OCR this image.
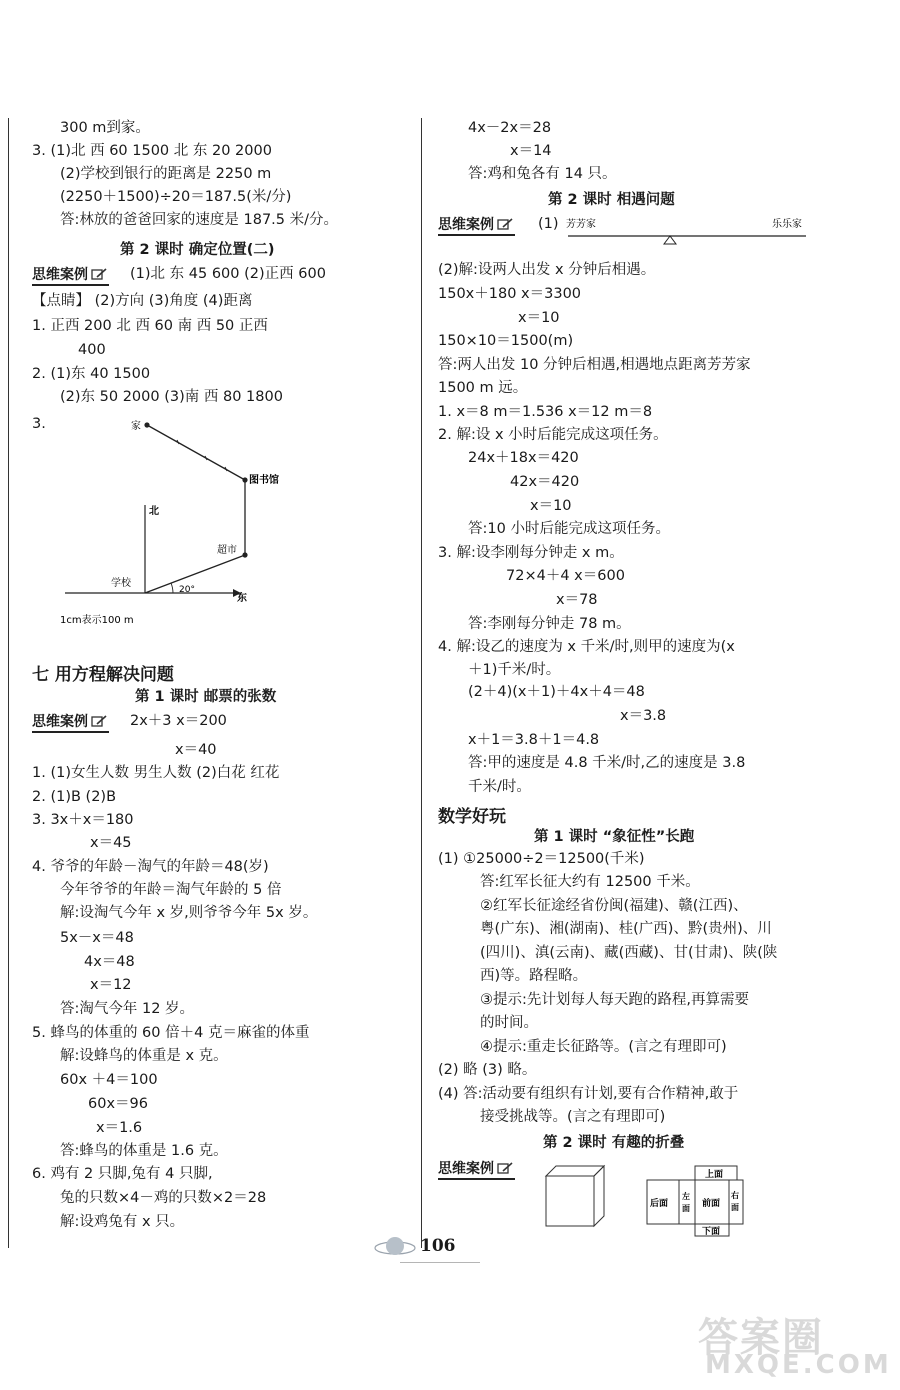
300 m到家。
3. (1)北 西 60 1500 北 东 20 2000
(2)学校到银行的距离是 2250 m
(2250＋1500)÷20＝187.5(米/分)
答:林放的爸爸回家的速度是 187.5 米/分。
第 2 课时 确定位置(二)
思维案例	(1)北 东 45 600 (2)正西 600
【点睛】 (2)方向 (3)角度 (4)距离
1. 正西 200 北 西 60 南 西 50 正西
400
2. (1)东 40 1500
(2)东 50 2000 (3)南 西 80 1800
3.	家
图书馆
北
超市
学校
20°
东
1cm表示100 m
七 用方程解决问题
第 1 课时 邮票的张数
思维案例	2x＋3 x＝200
x＝40
1. (1)女生人数 男生人数 (2)白花 红花
2. (1)B (2)B
3. 3x＋x＝180
x＝45
4. 爷爷的年龄－淘气的年龄＝48(岁)
今年爷爷的年龄＝淘气年龄的 5 倍
解:设淘气今年 x 岁,则爷爷今年 5x 岁。
5x－x＝48
4x＝48
x＝12
答:淘气今年 12 岁。
5. 蜂鸟的体重的 60 倍＋4 克＝麻雀的体重
解:设蜂鸟的体重是 x 克。
60x ＋4＝100
60x＝96
x＝1.6
答:蜂鸟的体重是 1.6 克。
6. 鸡有 2 只脚,兔有 4 只脚,
兔的只数×4－鸡的只数×2＝28
解:设鸡兔有 x 只。
4x－2x＝28
x＝14
答:鸡和兔各有 14 只。
第 2 课时 相遇问题
思维案例	(1) 芳芳家	乐乐家
(2)解:设两人出发 x 分钟后相遇。
150x＋180 x＝3300
x＝10
150×10＝1500(m)
答:两人出发 10 分钟后相遇,相遇地点距离芳芳家
1500 m 远。
1. x＝8 m＝1.536 x＝12 m＝8
2. 解:设 x 小时后能完成这项任务。
24x＋18x＝420
42x＝420
x＝10
答:10 小时后能完成这项任务。
3. 解:设李刚每分钟走 x m。
72×4＋4 x＝600
x＝78
答:李刚每分钟走 78 m。
4. 解:设乙的速度为 x 千米/时,则甲的速度为(x
＋1)千米/时。
(2＋4)(x＋1)＋4x＋4＝48
x＝3.8
x＋1＝3.8＋1＝4.8
答:甲的速度是 4.8 千米/时,乙的速度是 3.8
千米/时。
数学好玩
第 1 课时 “象征性”长跑
(1) ①25000÷2＝12500(千米)
答:红军长征大约有 12500 千米。
②红军长征途经省份闽(福建)、赣(江西)、
粤(广东)、湘(湖南)、桂(广西)、黔(贵州)、川
(四川)、滇(云南)、藏(西藏)、甘(甘肃)、陕(陕
西)等。路程略。
③提示:先计划每人每天跑的路程,再算需要
的时间。
④提示:重走长征路等。(言之有理即可)
(2) 略 (3) 略。
(4) 答:活动要有组织有计划,要有合作精神,敢于
接受挑战等。(言之有理即可)
第 2 课时 有趣的折叠
思维案例	上面
后面
左
面 前面
右
面
下面
106
答案圈
MXQE.COM
